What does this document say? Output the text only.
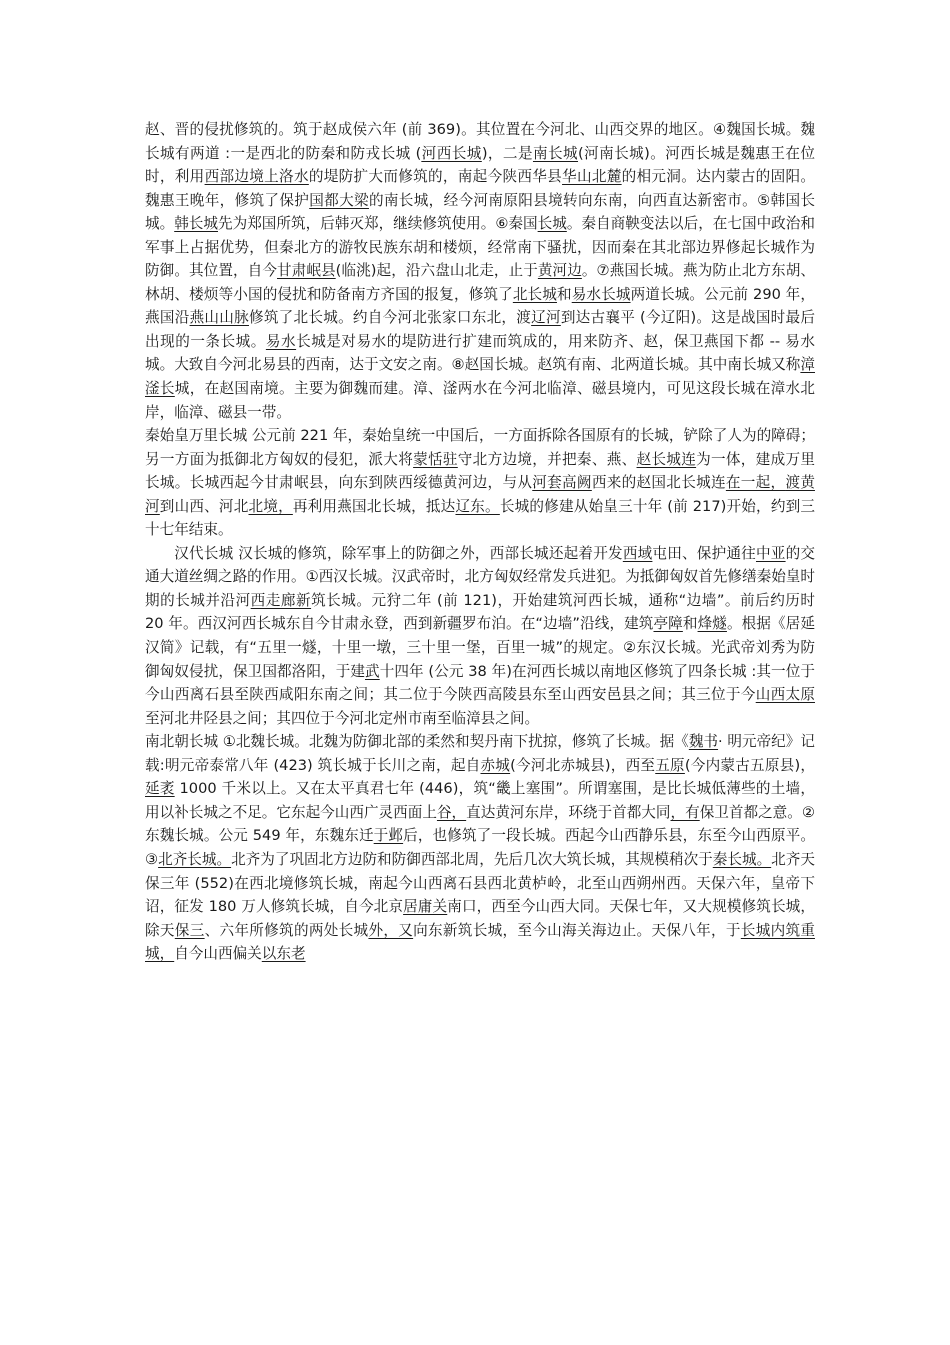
赵、晋的侵扰修筑的。筑于赵成侯六年 (前 369)。其位置在今河北、山西交界的地区。④魏国长城。魏长城有两道 :一是西北的防秦和防戎长城 (河西长城)，二是南长城(河南长城)。河西长城是魏惠王在位时，利用西部边境上洛水的堤防扩大而修筑的，南起今陕西华县华山北麓的相元洞。达内蒙古的固阳。魏惠王晚年，修筑了保护国都大梁的南长城，经今河南原阳县境转向东南，向西直达新密市。⑤韩国长城。韩长城先为郑国所筑，后韩灭郑，继续修筑使用。⑥秦国长城。秦自商鞅变法以后，在七国中政治和军事上占据优势，但秦北方的游牧民族东胡和楼烦，经常南下骚扰，因而秦在其北部边界修起长城作为防御。其位置，自今甘肃岷县(临洮)起，沿六盘山北走，止于黄河边。⑦燕国长城。燕为防止北方东胡、林胡、楼烦等小国的侵扰和防备南方齐国的报复，修筑了北长城和易水长城两道长城。公元前 290 年，燕国沿燕山山脉修筑了北长城。约自今河北张家口东北，渡辽河到达古襄平 (今辽阳)。这是战国时最后出现的一条长城。易水长城是对易水的堤防进行扩建而筑成的，用来防齐、赵，保卫燕国下都 -- 易水城。大致自今河北易县的西南，达于文安之南。⑧赵国长城。赵筑有南、北两道长城。其中南长城又称漳滏长城，在赵国南境。主要为御魏而建。漳、滏两水在今河北临漳、磁县境内，可见这段长城在漳水北岸，临漳、磁县一带。

秦始皇万里长城 公元前 221 年，秦始皇统一中国后，一方面拆除各国原有的长城，铲除了人为的障碍；另一方面为抵御北方匈奴的侵犯，派大将蒙恬驻守北方边境，并把秦、燕、赵长城连为一体，建成万里长城。长城西起今甘肃岷县，向东到陕西绥德黄河边，与从河套高阙西来的赵国北长城连在一起，渡黄河到山西、河北北境，再利用燕国北长城，抵达辽东。长城的修建从始皇三十年 (前 217)开始，约到三十七年结束。

汉代长城 汉长城的修筑，除军事上的防御之外，西部长城还起着开发西域屯田、保护通往中亚的交通大道丝绸之路的作用。①西汉长城。汉武帝时，北方匈奴经常发兵进犯。为抵御匈奴首先修缮秦始皇时期的长城并沿河西走廊新筑长城。元狩二年 (前 121)，开始建筑河西长城，通称“边墙”。前后约历时 20 年。西汉河西长城东自今甘肃永登，西到新疆罗布泊。在“边墙”沿线，建筑亭障和烽燧。根据《居延汉简》记载，有“五里一燧，十里一墩，三十里一堡，百里一城”的规定。②东汉长城。光武帝刘秀为防御匈奴侵扰，保卫国都洛阳，于建武十四年 (公元 38 年)在河西长城以南地区修筑了四条长城 :其一位于今山西离石县至陕西咸阳东南之间；其二位于今陕西高陵县东至山西安邑县之间；其三位于今山西太原至河北井陉县之间；其四位于今河北定州市南至临漳县之间。

南北朝长城 ①北魏长城。北魏为防御北部的柔然和契丹南下扰掠，修筑了长城。据《魏书· 明元帝纪》记载:明元帝泰常八年 (423) 筑长城于长川之南，起自赤城(今河北赤城县)，西至五原(今内蒙古五原县)，延袤 1000 千米以上。又在太平真君七年 (446)，筑“畿上塞围”。所谓塞围，是比长城低薄些的土墙，用以补长城之不足。它东起今山西广灵西面上谷，直达黄河东岸，环绕于首都大同，有保卫首都之意。②东魏长城。公元 549 年，东魏东迁于邺后，也修筑了一段长城。西起今山西静乐县，东至今山西原平。③北齐长城。北齐为了巩固北方边防和防御西部北周，先后几次大筑长城，其规模稍次于秦长城。北齐天保三年 (552)在西北境修筑长城，南起今山西离石县西北黄栌岭，北至山西朔州西。天保六年，皇帝下诏，征发 180 万人修筑长城，自今北京居庸关南口，西至今山西大同。天保七年，又大规模修筑长城，除天保三、六年所修筑的两处长城外，又向东新筑长城，至今山海关海边止。天保八年，于长城内筑重城，自今山西偏关以东老
